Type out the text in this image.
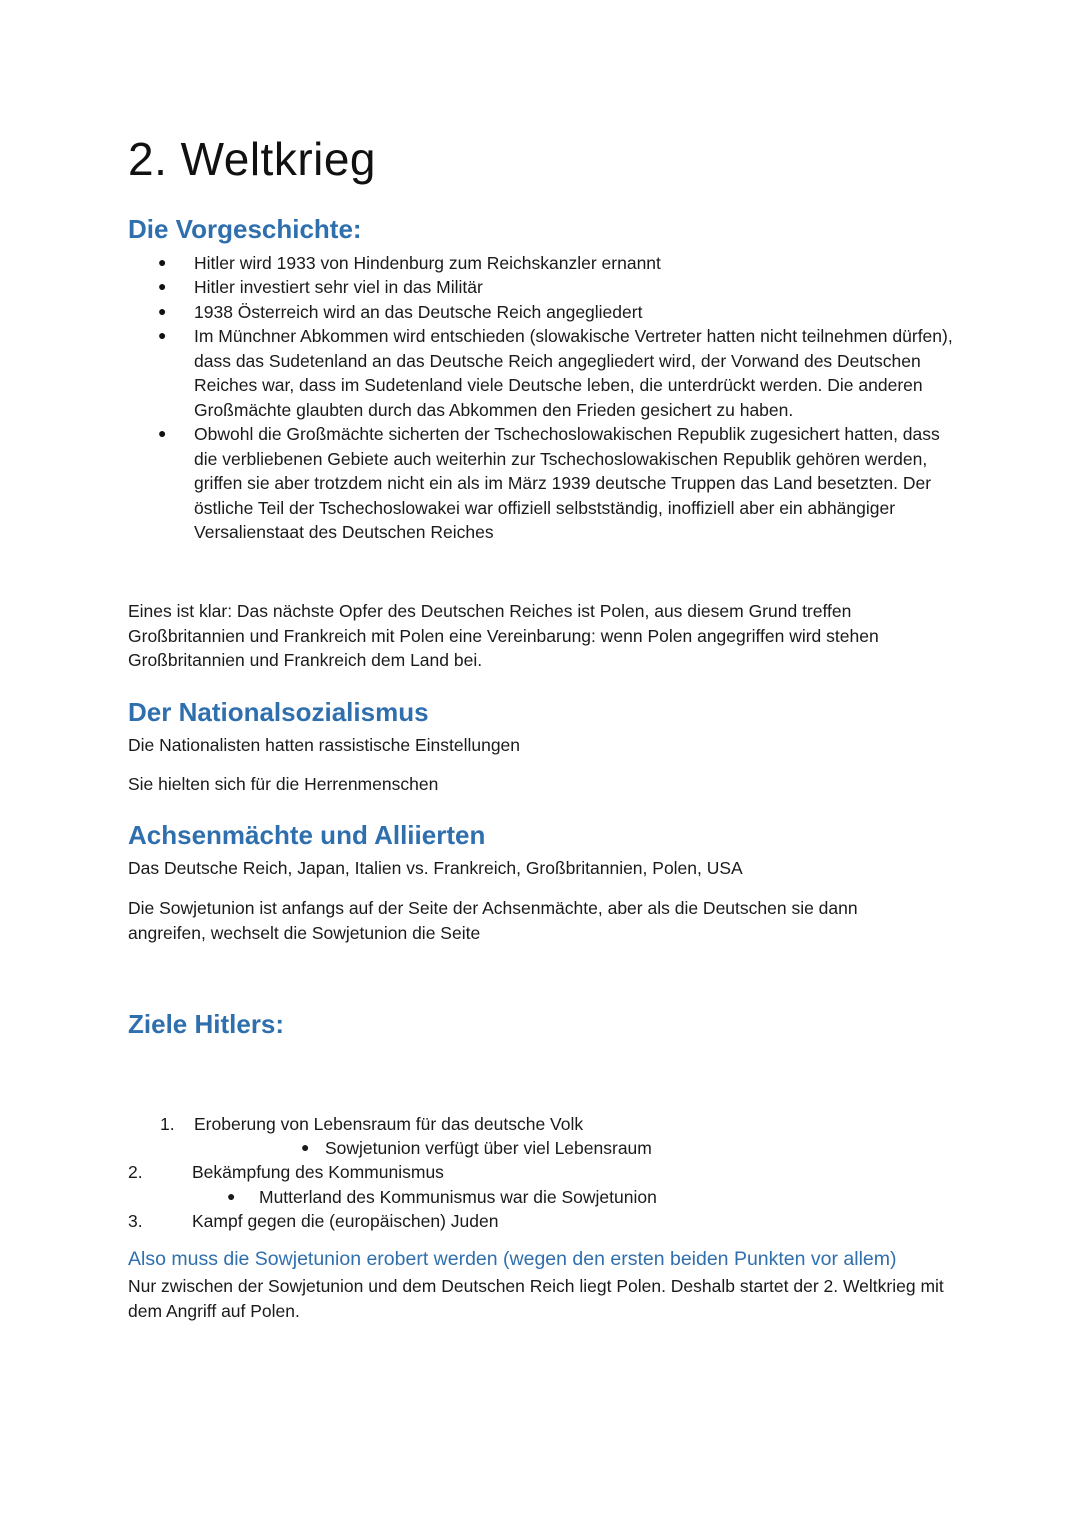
2. Weltkrieg
Die Vorgeschichte:
● Hitler wird 1933 von Hindenburg zum Reichskanzler ernannt
● Hitler investiert sehr viel in das Militär
● 1938 Österreich wird an das Deutsche Reich angegliedert
● Im Münchner Abkommen wird entschieden (slowakische Vertreter hatten nicht teilnehmen dürfen), dass das Sudetenland an das Deutsche Reich angegliedert wird, der Vorwand des Deutschen Reiches war, dass im Sudetenland viele Deutsche leben, die unterdrückt werden. Die anderen Großmächte glaubten durch das Abkommen den Frieden gesichert zu haben.
● Obwohl die Großmächte sicherten der Tschechoslowakischen Republik zugesichert hatten, dass die verbliebenen Gebiete auch weiterhin zur Tschechoslowakischen Republik gehören werden, griffen sie aber trotzdem nicht ein als im März 1939 deutsche Truppen das Land besetzten. Der östliche Teil der Tschechoslowakei war offiziell selbstständig, inoffiziell aber ein abhängiger Versalienstaat des Deutschen Reiches
Eines ist klar: Das nächste Opfer des Deutschen Reiches ist Polen, aus diesem Grund treffen Großbritannien und Frankreich mit Polen eine Vereinbarung: wenn Polen angegriffen wird stehen Großbritannien und Frankreich dem Land bei.
Der Nationalsozialismus
Die Nationalisten hatten rassistische Einstellungen
Sie hielten sich für die Herrenmenschen
Achsenmächte und Alliierten
Das Deutsche Reich, Japan, Italien vs. Frankreich, Großbritannien, Polen, USA
Die Sowjetunion ist anfangs auf der Seite der Achsenmächte, aber als die Deutschen sie dann angreifen, wechselt die Sowjetunion die Seite
Ziele Hitlers:
1. Eroberung von Lebensraum für das deutsche Volk
● Sowjetunion verfügt über viel Lebensraum
2.	Bekämpfung des Kommunismus
● Mutterland des Kommunismus war die Sowjetunion
3.	Kampf gegen die (europäischen) Juden
Also muss die Sowjetunion erobert werden (wegen den ersten beiden Punkten vor allem)
Nur zwischen der Sowjetunion und dem Deutschen Reich liegt Polen. Deshalb startet der 2. Weltkrieg mit dem Angriff auf Polen.
